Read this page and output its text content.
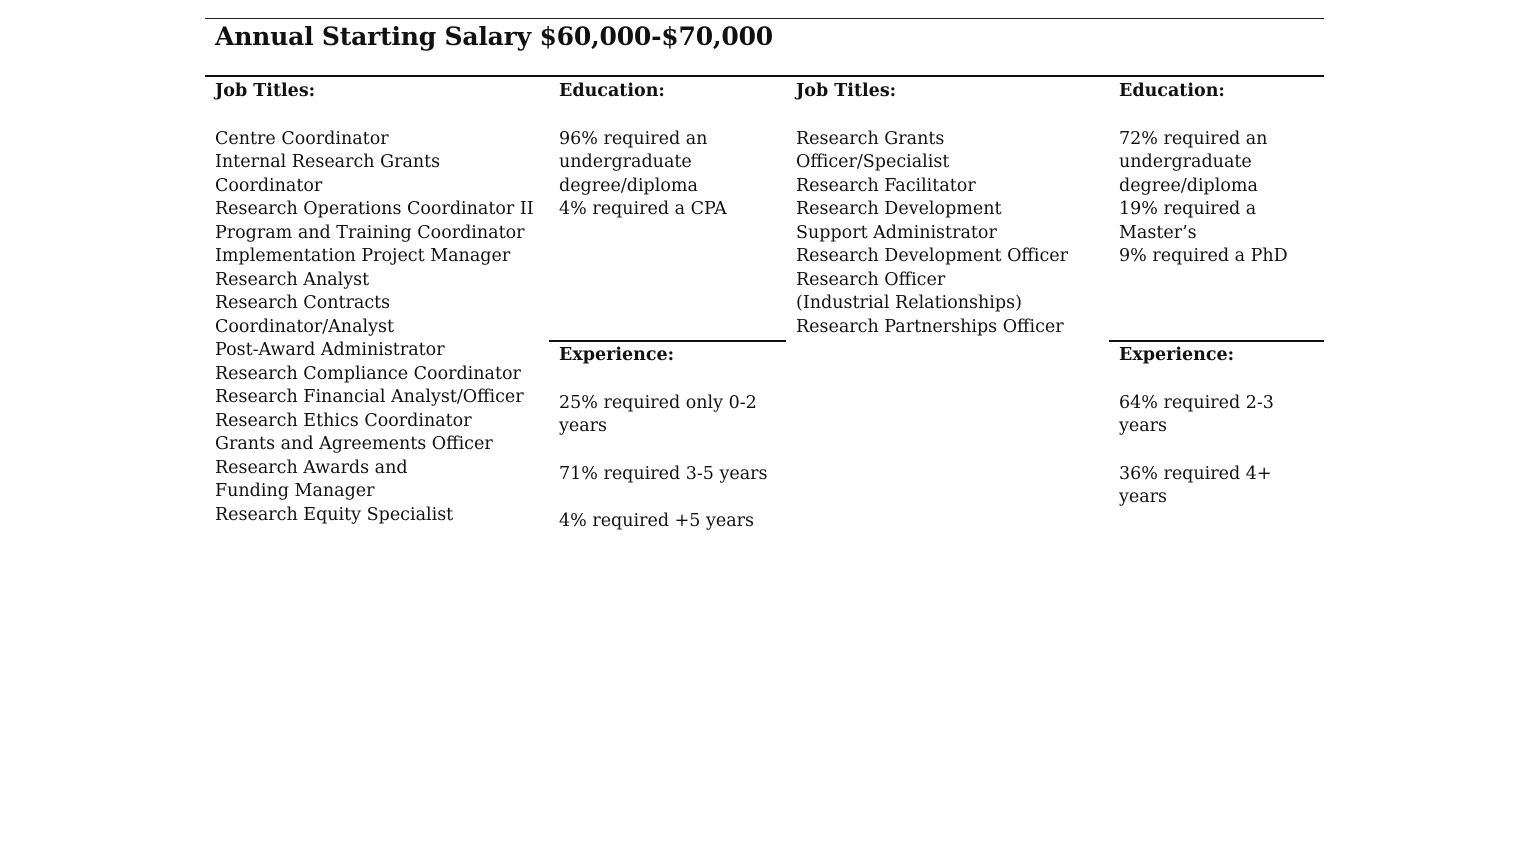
Annual Starting Salary $60,000-$70,000

Job Titles:

Centre Coordinator

Internal Research Grants Coordinator

Research Operations Coordinator II

Program and Training Coordinator

Implementation Project Manager

Research Analyst

Research Contracts Coordinator/Analyst

Post-Award Administrator

Research Compliance Coordinator

Research Financial Analyst/Officer

Research Ethics Coordinator

Grants and Agreements Officer

Research Awards and Funding Manager

Research Equity Specialist

Education:

96% required an undergraduate degree/diploma

4% required a CPA

Experience:

25% required only 0-2 years

71% required 3-5 years

4% required +5 years

Job Titles:

Research Grants Officer/Specialist

Research Facilitator

Research Development Support Administrator

Research Development Officer

Research Officer (Industrial Relationships)

Research Partnerships Officer

Education:

72% required an undergraduate degree/diploma

19% required a Master’s

9% required a PhD

Experience:

64% required 2-3 years

36% required 4+ years
